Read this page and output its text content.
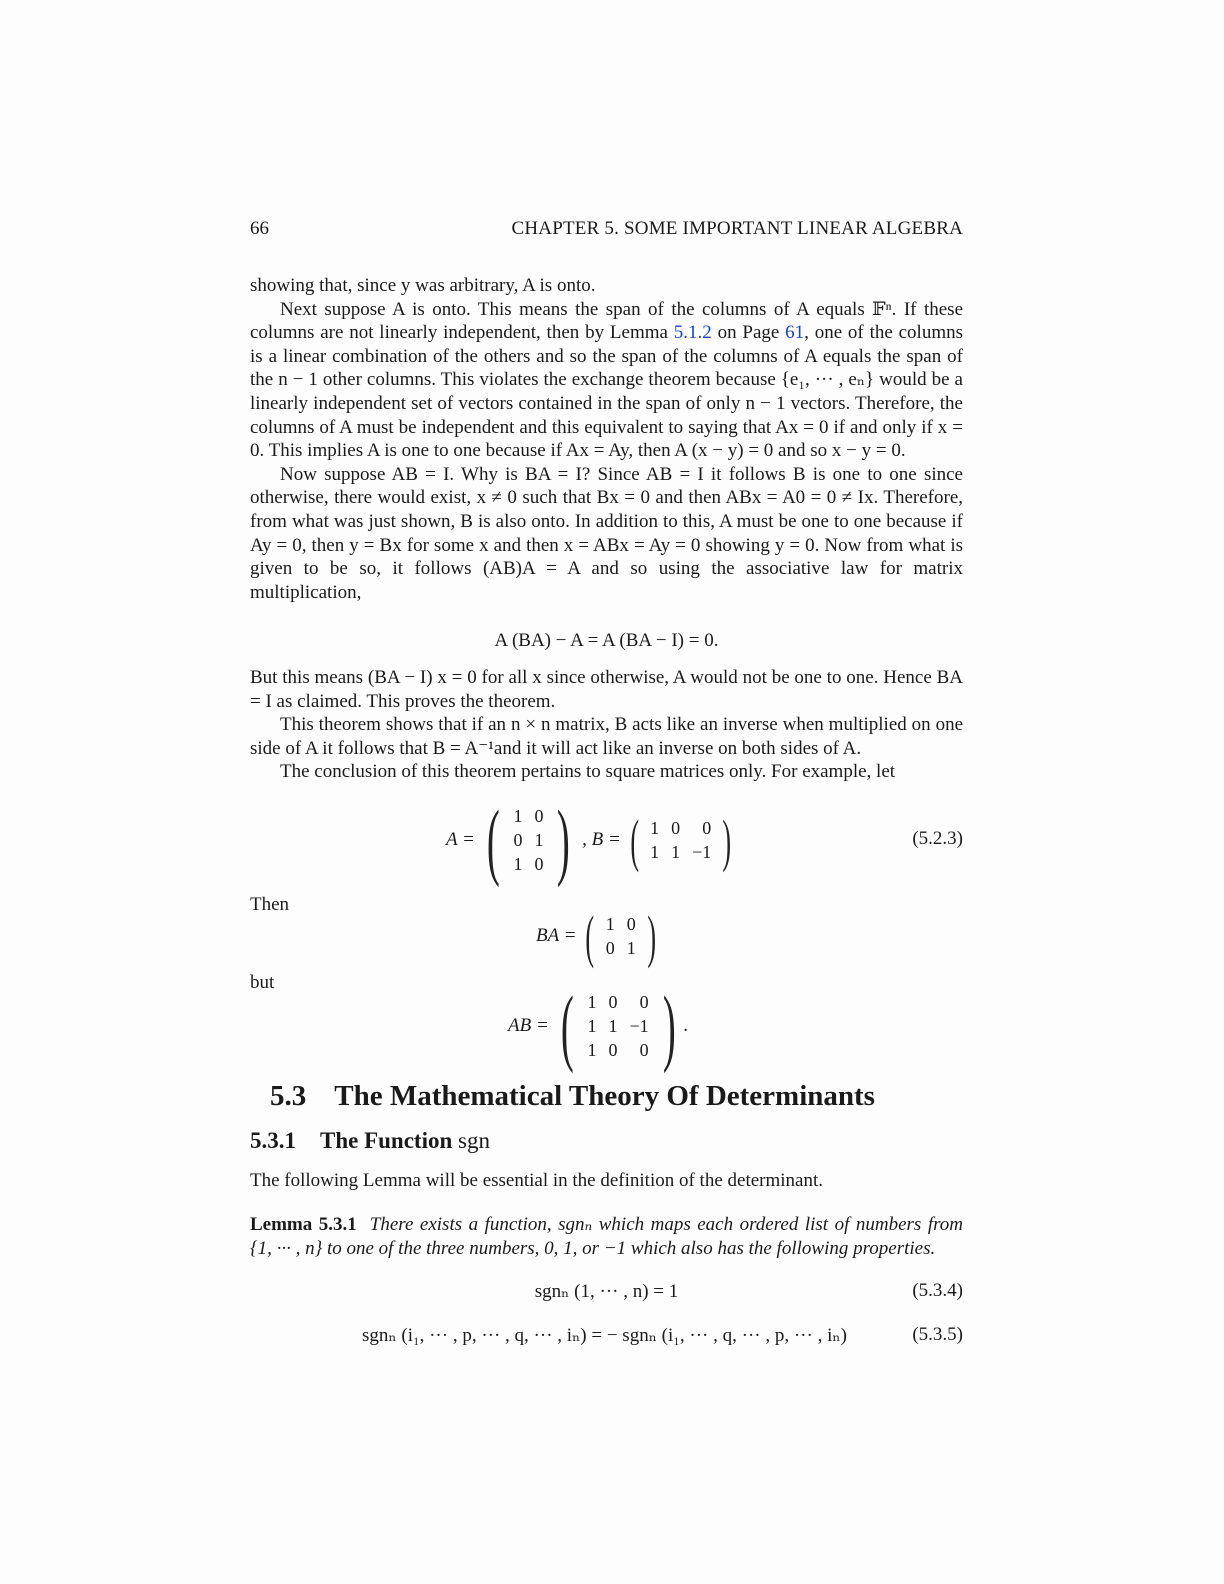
66	CHAPTER 5. SOME IMPORTANT LINEAR ALGEBRA

showing that, since y was arbitrary, A is onto.

Next suppose A is onto. This means the span of the columns of A equals 𝔽ⁿ. If these columns are not linearly independent, then by Lemma 5.1.2 on Page 61, one of the columns is a linear combination of the others and so the span of the columns of A equals the span of the n − 1 other columns. This violates the exchange theorem because {e₁, ··· , eₙ} would be a linearly independent set of vectors contained in the span of only n − 1 vectors. Therefore, the columns of A must be independent and this equivalent to saying that Ax = 0 if and only if x = 0. This implies A is one to one because if Ax = Ay, then A (x − y) = 0 and so x − y = 0.

Now suppose AB = I. Why is BA = I? Since AB = I it follows B is one to one since otherwise, there would exist, x ≠ 0 such that Bx = 0 and then ABx = A0 = 0 ≠ Ix. Therefore, from what was just shown, B is also onto. In addition to this, A must be one to one because if Ay = 0, then y = Bx for some x and then x = ABx = Ay = 0 showing y = 0. Now from what is given to be so, it follows (AB)A = A and so using the associative law for matrix multiplication,

A (BA) − A = A (BA − I) = 0.

But this means (BA − I) x = 0 for all x since otherwise, A would not be one to one. Hence BA = I as claimed. This proves the theorem.

This theorem shows that if an n × n matrix, B acts like an inverse when multiplied on one side of A it follows that B = A⁻¹and it will act like an inverse on both sides of A.

The conclusion of this theorem pertains to square matrices only. For example, let

A = ( 1	0
0	1
1	0 ) , B = ( 1	0	0
1	1	−1 )	(5.2.3)

Then

BA = ( 1	0
0	1 )

but

AB = ( 1	0	0
1	1	−1
1	0	0 ) .
5.3 The Mathematical Theory Of Determinants
5.3.1 The Function sgn

The following Lemma will be essential in the definition of the determinant.

Lemma 5.3.1 There exists a function, sgnₙ which maps each ordered list of numbers from {1, ··· , n} to one of the three numbers, 0, 1, or −1 which also has the following properties.

sgnₙ (1, ··· , n) = 1	(5.3.4)
sgnₙ (i₁, ··· , p, ··· , q, ··· , iₙ) = − sgnₙ (i₁, ··· , q, ··· , p, ··· , iₙ)	(5.3.5)
